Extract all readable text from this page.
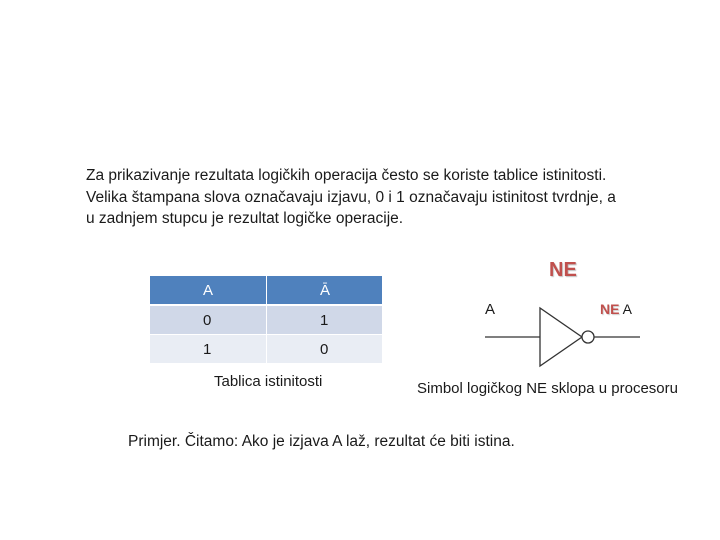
Za prikazivanje rezultata logičkih operacija često se koriste tablice istinitosti.
Velika štampana slova označavaju izjavu, 0 i 1 označavaju istinitost tvrdnje, a
u zadnjem stupcu je rezultat logičke operacije.
A	Ā
0	1
1	0
Tablica istinitosti
NE
A	NE A
Simbol logičkog NE sklopa u procesoru
Primjer. Čitamo: Ako je izjava A laž, rezultat će biti istina.
